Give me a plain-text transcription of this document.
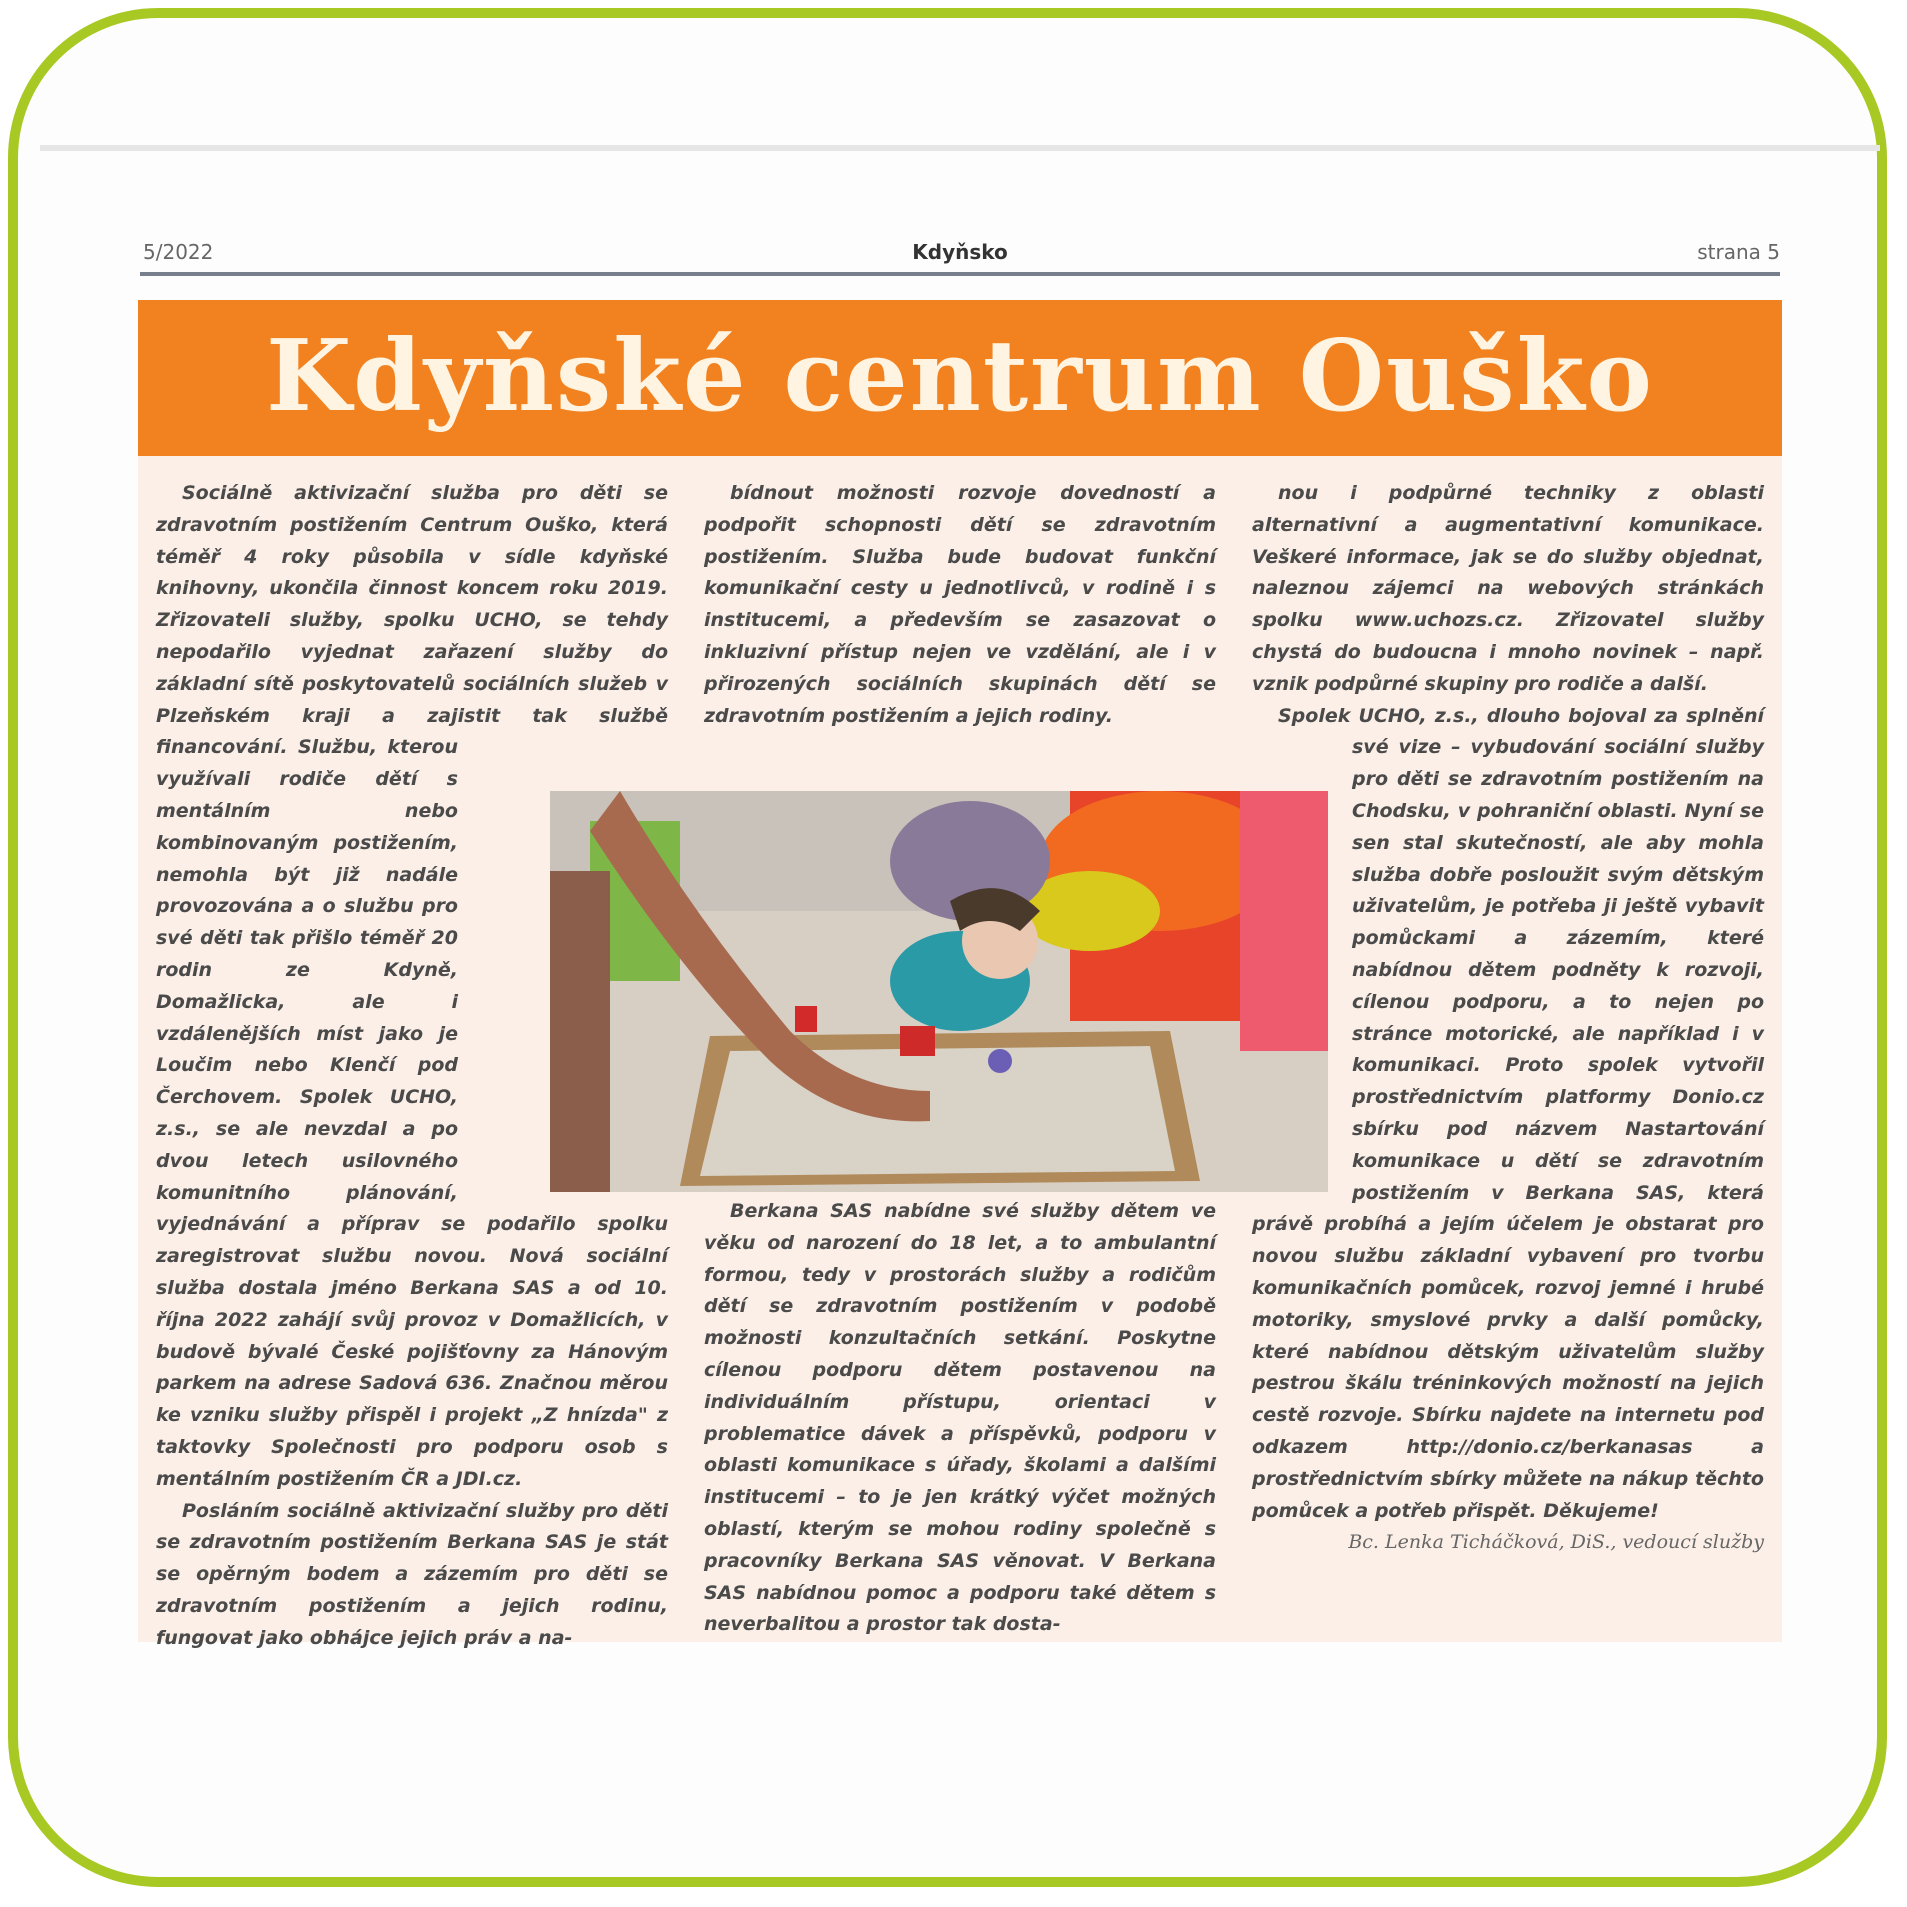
5/2022	Kdyňsko	strana 5
Kdyňské centrum Ouško

Sociálně aktivizační služba pro děti se zdravotním postižením Centrum Ouško, která téměř 4 roky působila v sídle kdyňské knihovny, ukončila činnost koncem roku 2019. Zřizovateli služby, spolku UCHO, se tehdy nepodařilo vyjednat zařazení služby do základní sítě poskytovatelů sociálních služeb v Plzeňském kraji a zajistit tak službě financování. Službu, kterou využívali rodiče dětí s mentálním nebo kombinovaným postižením, nemohla být již nadále provozována a o službu pro své děti tak přišlo téměř 20 rodin ze Kdyně, Domažlicka, ale i vzdálenějších míst jako je Loučim nebo Klenčí pod Čerchovem. Spolek UCHO, z.s., se ale nevzdal a po dvou letech usilovného komunitního plánování, vyjednávání a příprav se podařilo spolku zaregistrovat službu novou. Nová sociální služba dostala jméno Berkana SAS a od 10. října 2022 zahájí svůj provoz v Domažlicích, v budově bývalé České pojišťovny za Hánovým parkem na adrese Sadová 636. Značnou měrou ke vzniku služby přispěl i projekt „Z hnízda" z taktovky Společnosti pro podporu osob s mentálním postižením ČR a JDI.cz.

Posláním sociálně aktivizační služby pro děti se zdravotním postižením Berkana SAS je stát se opěrným bodem a zázemím pro děti se zdravotním postižením a jejich rodinu, fungovat jako obhájce jejich práv a na-

bídnout možnosti rozvoje dovedností a podpořit schopnosti dětí se zdravotním postižením. Služba bude budovat funkční komunikační cesty u jednotlivců, v rodině i s institucemi, a především se zasazovat o inkluzivní přístup nejen ve vzdělání, ale i v přirozených sociálních skupinách dětí se zdravotním postižením a jejich rodiny.

Berkana SAS nabídne své služby dětem ve věku od narození do 18 let, a to ambulantní formou, tedy v prostorách služby a rodičům dětí se zdravotním postižením v podobě možnosti konzultačních setkání. Poskytne cílenou podporu dětem postavenou na individuálním přístupu, orientaci v problematice dávek a příspěvků, podporu v oblasti komunikace s úřady, školami a dalšími institucemi – to je jen krátký výčet možných oblastí, kterým se mohou rodiny společně s pracovníky Berkana SAS věnovat. V Berkana SAS nabídnou pomoc a podporu také dětem s neverbalitou a prostor tak dosta-

nou i podpůrné techniky z oblasti alternativní a augmentativní komunikace. Veškeré informace, jak se do služby objednat, naleznou zájemci na webových stránkách spolku www.uchozs.cz. Zřizovatel služby chystá do budoucna i mnoho novinek – např. vznik podpůrné skupiny pro rodiče a další.

Spolek UCHO, z.s., dlouho bojoval za splnění své vize – vybudování sociální služby pro děti se zdravotním postižením na Chodsku, v pohraniční oblasti. Nyní se sen stal skutečností, ale aby mohla služba dobře posloužit svým dětským uživatelům, je potřeba ji ještě vybavit pomůckami a zázemím, které nabídnou dětem podněty k rozvoji, cílenou podporu, a to nejen po stránce motorické, ale například i v komunikaci. Proto spolek vytvořil prostřednictvím platformy Donio.cz sbírku pod názvem Nastartování komunikace u dětí se zdravotním postižením v Berkana SAS, která právě probíhá a jejím účelem je obstarat pro novou službu základní vybavení pro tvorbu komunikačních pomůcek, rozvoj jemné i hrubé motoriky, smyslové prvky a další pomůcky, které nabídnou dětským uživatelům služby pestrou škálu tréninkových možností na jejich cestě rozvoje. Sbírku najdete na internetu pod odkazem http://donio.cz/berkanasas a prostřednictvím sbírky můžete na nákup těchto pomůcek a potřeb přispět. Děkujeme!

Bc. Lenka Ticháčková, DiS., vedoucí služby
